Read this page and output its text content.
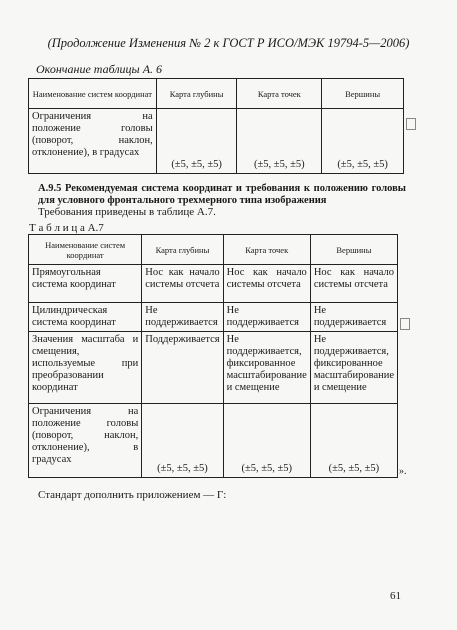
(Продолжение Изменения № 2 к ГОСТ Р ИСО/МЭК 19794-5—2006)
Окончание таблицы А. 6
Наименование систем координат	Карта глубины	Карта точек	Вершины
Ограничения на положение головы (поворот, наклон, отклонение), в градусах	(±5, ±5, ±5)	(±5, ±5, ±5)	(±5, ±5, ±5)
А.9.5 Рекомендуемая система координат и требования к положению головы для условного фронтального трехмерного типа изображения
Требования приведены в таблице А.7.
Т а б л и ц а А.7
Наименование систем координат	Карта глубины	Карта точек	Вершины
Прямоугольная система координат	Нос как начало системы отсчета	Нос как начало системы отсчета	Нос как начало системы отсчета
Цилиндрическая система координат	Не поддерживается	Не поддерживается	Не поддерживается
Значения масштаба и смещения, используемые при преобразовании координат	Поддерживается	Не поддерживается, фиксированное масштабирование и смещение	Не поддерживается, фиксированное масштабирование и смещение
Ограничения на положение головы (поворот, наклон, отклонение), в градусах	(±5, ±5, ±5)	(±5, ±5, ±5)	(±5, ±5, ±5) ».
Стандарт дополнить приложением — Г:
61
